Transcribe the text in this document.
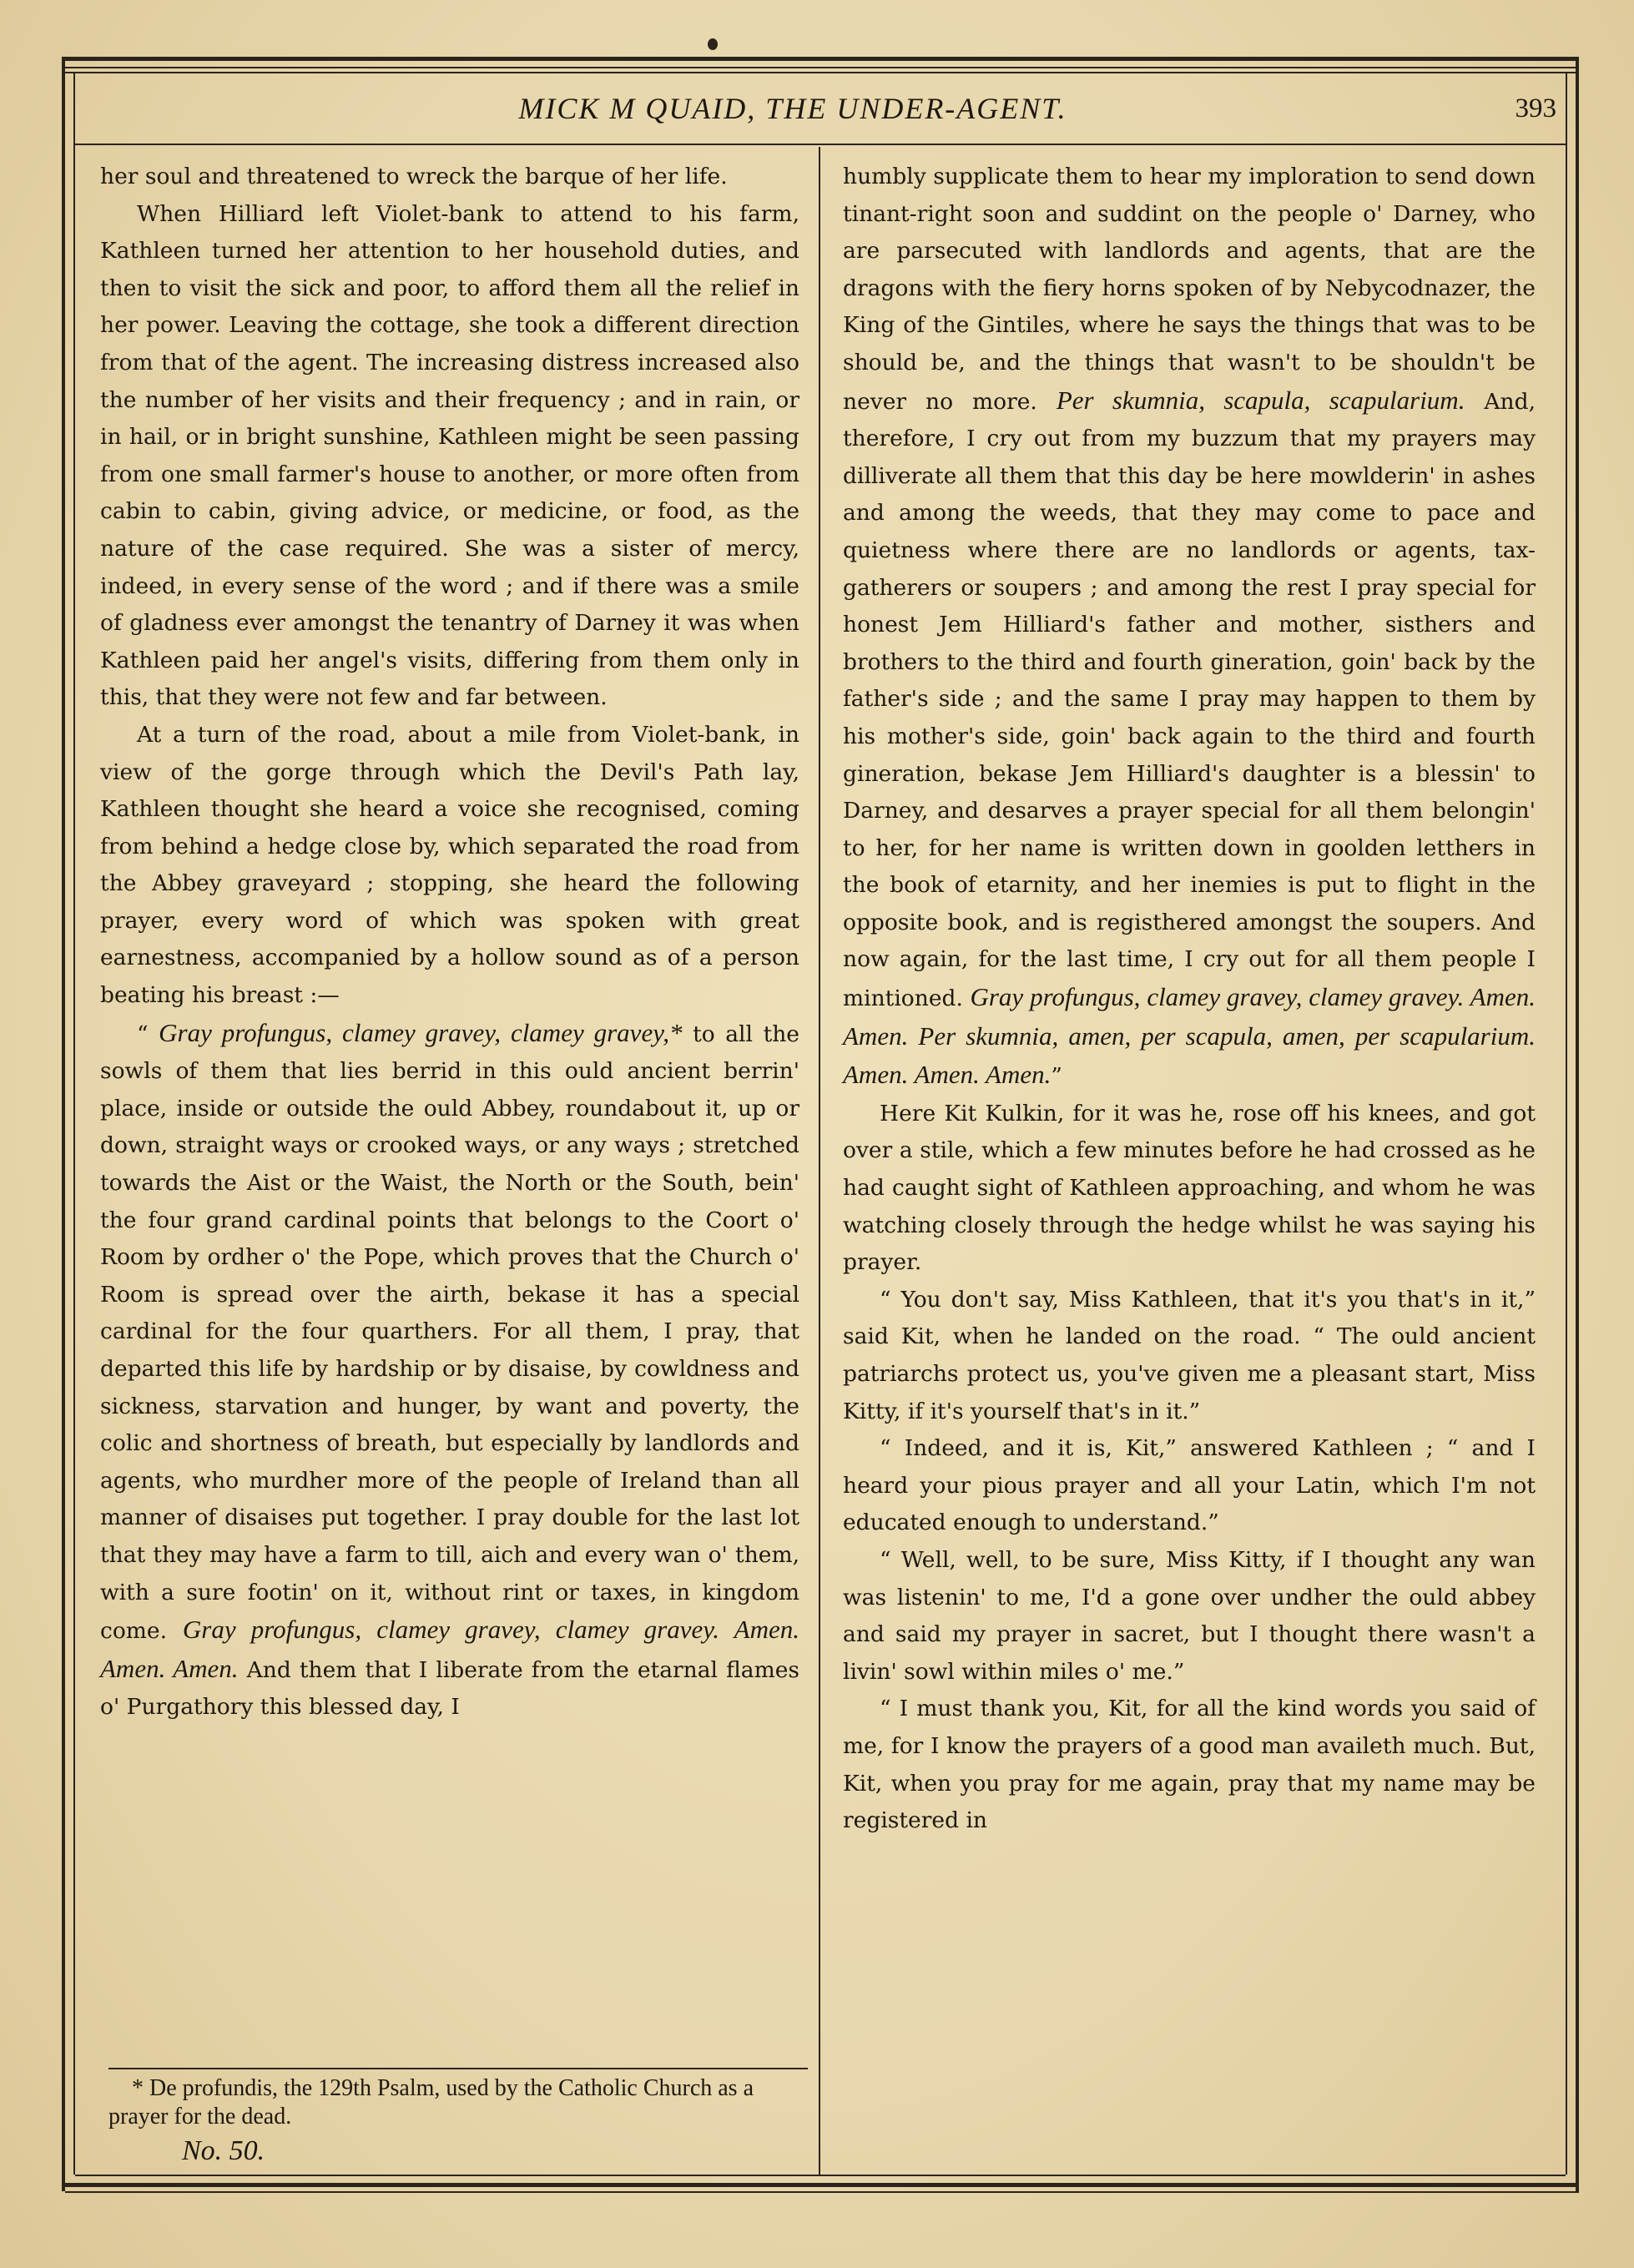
MICK M QUAID, THE UNDER-AGENT.	393

her soul and threatened to wreck the barque of her life.

When Hilliard left Violet-bank to attend to his farm, Kathleen turned her attention to her household duties, and then to visit the sick and poor, to afford them all the relief in her power. Leaving the cottage, she took a different direction from that of the agent. The increasing distress increased also the number of her visits and their frequency ; and in rain, or in hail, or in bright sunshine, Kathleen might be seen passing from one small farmer's house to another, or more often from cabin to cabin, giving advice, or medicine, or food, as the nature of the case required. She was a sister of mercy, indeed, in every sense of the word ; and if there was a smile of gladness ever amongst the tenantry of Darney it was when Kathleen paid her angel's visits, differing from them only in this, that they were not few and far between.

At a turn of the road, about a mile from Violet-bank, in view of the gorge through which the Devil's Path lay, Kathleen thought she heard a voice she recognised, coming from behind a hedge close by, which separated the road from the Abbey graveyard ; stopping, she heard the following prayer, every word of which was spoken with great earnestness, accompanied by a hollow sound as of a person beating his breast :—

“ Gray profungus, clamey gravey, clamey gravey,* to all the sowls of them that lies berrid in this ould ancient berrin' place, inside or outside the ould Abbey, roundabout it, up or down, straight ways or crooked ways, or any ways ; stretched towards the Aist or the Waist, the North or the South, bein' the four grand cardinal points that belongs to the Coort o' Room by ordher o' the Pope, which proves that the Church o' Room is spread over the airth, bekase it has a special cardinal for the four quarthers. For all them, I pray, that departed this life by hardship or by disaise, by cowldness and sickness, starvation and hunger, by want and poverty, the colic and shortness of breath, but especially by landlords and agents, who murdher more of the people of Ireland than all manner of disaises put together. I pray double for the last lot that they may have a farm to till, aich and every wan o' them, with a sure footin' on it, without rint or taxes, in kingdom come. Gray profungus, clamey gravey, clamey gravey. Amen. Amen. Amen. And them that I liberate from the etarnal flames o' Purgathory this blessed day, I

* De profundis, the 129th Psalm, used by the Catholic Church as a prayer for the dead.

No. 50.

humbly supplicate them to hear my imploration to send down tinant-right soon and suddint on the people o' Darney, who are parsecuted with landlords and agents, that are the dragons with the fiery horns spoken of by Nebycodnazer, the King of the Gintiles, where he says the things that was to be should be, and the things that wasn't to be shouldn't be never no more. Per skumnia, scapula, scapularium. And, therefore, I cry out from my buzzum that my prayers may dilliverate all them that this day be here mowlderin' in ashes and among the weeds, that they may come to pace and quietness where there are no landlords or agents, tax-gatherers or soupers ; and among the rest I pray special for honest Jem Hilliard's father and mother, sisthers and brothers to the third and fourth gineration, goin' back by the father's side ; and the same I pray may happen to them by his mother's side, goin' back again to the third and fourth gineration, bekase Jem Hilliard's daughter is a blessin' to Darney, and desarves a prayer special for all them belongin' to her, for her name is written down in goolden letthers in the book of etarnity, and her inemies is put to flight in the opposite book, and is registhered amongst the soupers. And now again, for the last time, I cry out for all them people I mintioned. Gray profungus, clamey gravey, clamey gravey. Amen. Amen. Per skumnia, amen, per scapula, amen, per scapularium. Amen. Amen. Amen.”

Here Kit Kulkin, for it was he, rose off his knees, and got over a stile, which a few minutes before he had crossed as he had caught sight of Kathleen approaching, and whom he was watching closely through the hedge whilst he was saying his prayer.

“ You don't say, Miss Kathleen, that it's you that's in it,” said Kit, when he landed on the road. “ The ould ancient patriarchs protect us, you've given me a pleasant start, Miss Kitty, if it's yourself that's in it.”

“ Indeed, and it is, Kit,” answered Kathleen ; “ and I heard your pious prayer and all your Latin, which I'm not educated enough to understand.”

“ Well, well, to be sure, Miss Kitty, if I thought any wan was listenin' to me, I'd a gone over undher the ould abbey and said my prayer in sacret, but I thought there wasn't a livin' sowl within miles o' me.”

“ I must thank you, Kit, for all the kind words you said of me, for I know the prayers of a good man availeth much. But, Kit, when you pray for me again, pray that my name may be registered in
